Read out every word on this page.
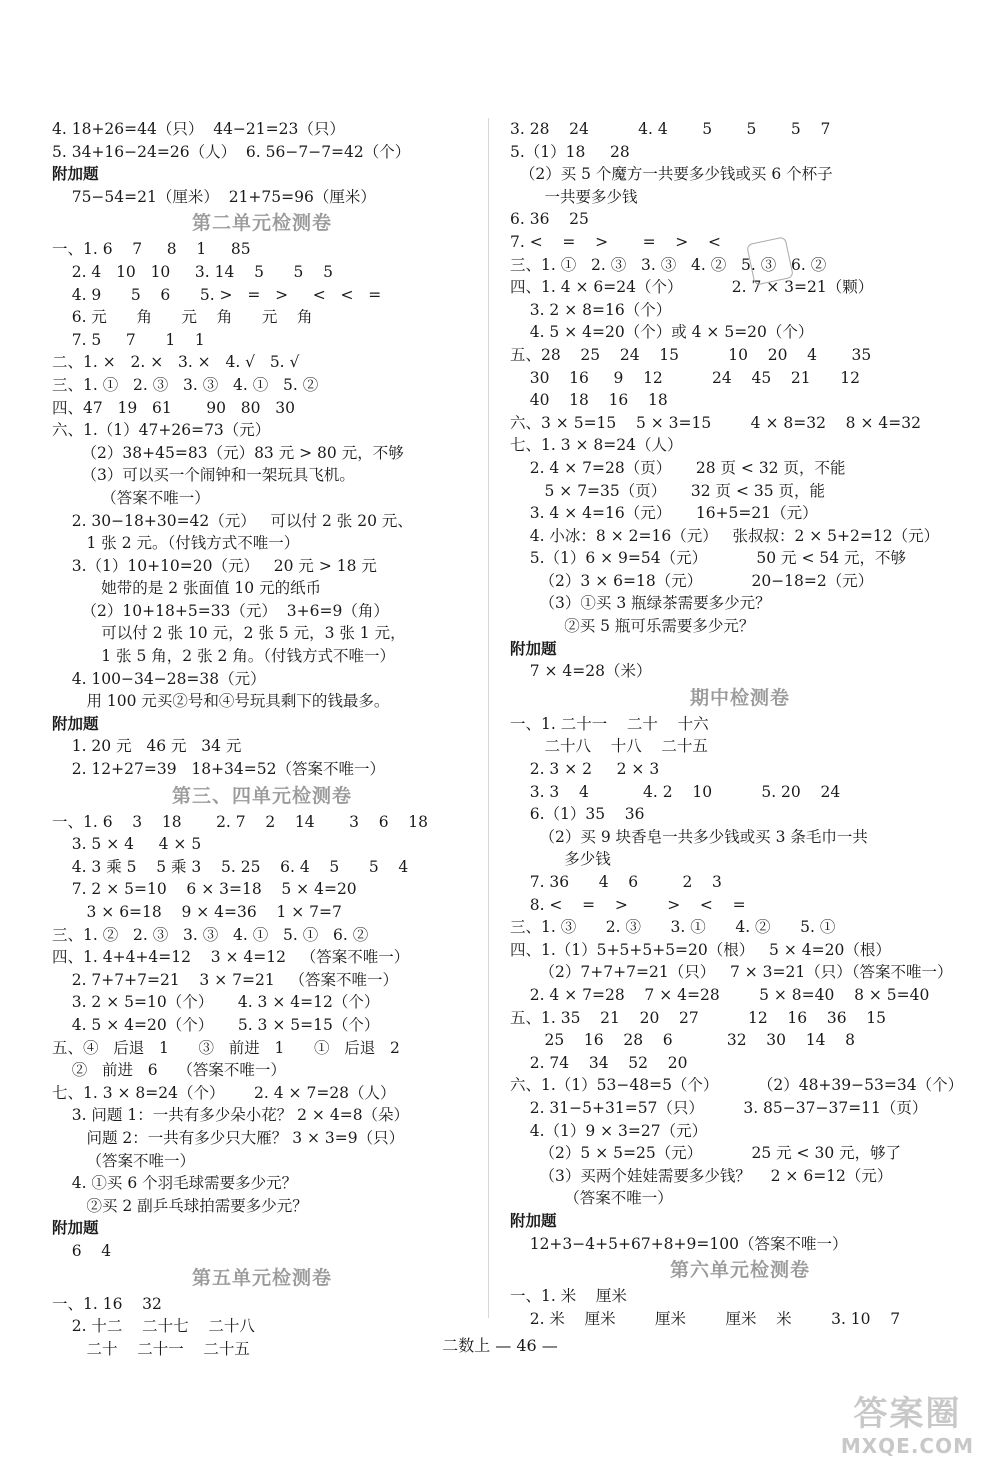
4. 18+26=44（只）  44−21=23（只）
5. 34+16−24=26（人）  6. 56−7−7=42（个）
附加题
75−54=21（厘米）  21+75=96（厘米）
第二单元检测卷
一、1. 6    7     8    1     85
2. 4   10   10     3. 14    5      5    5
4. 9      5    6      5. >   =   >     <   <   =
6. 元      角      元    角      元    角
7. 5     7      1    1
二、1. ×   2. ×   3. ×   4. √   5. √
三、1. ①   2. ③   3. ③   4. ①   5. ②
四、47   19   61       90   80   30
六、1.（1）47+26=73（元）
（2）38+45=83（元）83 元 > 80 元，不够
（3）可以买一个闹钟和一架玩具飞机。
（答案不唯一）
2. 30−18+30=42（元）   可以付 2 张 20 元、
1 张 2 元。（付钱方式不唯一）
3.（1）10+10=20（元）   20 元 > 18 元
她带的是 2 张面值 10 元的纸币
（2）10+18+5=33（元）  3+6=9（角）
可以付 2 张 10 元，2 张 5 元，3 张 1 元，
1 张 5 角，2 张 2 角。（付钱方式不唯一）
4. 100−34−28=38（元）
用 100 元买②号和④号玩具剩下的钱最多。
附加题
1. 20 元   46 元   34 元
2. 12+27=39   18+34=52（答案不唯一）
第三、四单元检测卷
一、1. 6    3    18       2. 7    2    14       3    6    18
3. 5 × 4     4 × 5
4. 3 乘 5    5 乘 3    5. 25    6. 4    5      5    4
7. 2 × 5=10    6 × 3=18    5 × 4=20
3 × 6=18    9 × 4=36    1 × 7=7
三、1. ②   2. ③   3. ③   4. ①   5. ①   6. ②
四、1. 4+4+4=12    3 × 4=12   （答案不唯一）
2. 7+7+7=21    3 × 7=21   （答案不唯一）
3. 2 × 5=10（个）     4. 3 × 4=12（个）
4. 5 × 4=20（个）     5. 3 × 5=15（个）
五、④   后退   1      ③   前进   1      ①   后退   2
②   前进   6    （答案不唯一）
七、1. 3 × 8=24（个）      2. 4 × 7=28（人）
3. 问题 1：一共有多少朵小花？ 2 × 4=8（朵）
问题 2：一共有多少只大雁？ 3 × 3=9（只）
（答案不唯一）
4. ①买 6 个羽毛球需要多少元？
②买 2 副乒乓球拍需要多少元？
附加题
6    4
第五单元检测卷
一、1. 16    32
2. 十二    二十七    二十八
二十    二十一    二十五
3. 28    24          4. 4       5       5       5    7
5.（1）18     28
（2）买 5 个魔方一共要多少钱或买 6 个杯子
一共要多少钱
6. 36    25
7. <    =    >       =    >    <
三、1. ①   2. ③   3. ③   4. ②   5. ③   6. ②
四、1. 4 × 6=24（个）          2. 7 × 3=21（颗）
3. 2 × 8=16（个）
4. 5 × 4=20（个）或 4 × 5=20（个）
五、28    25    24    15          10    20    4       35
30    16     9    12          24    45    21      12
40    18    16    18
六、3 × 5=15    5 × 3=15        4 × 8=32    8 × 4=32
七、1. 3 × 8=24（人）
2. 4 × 7=28（页）     28 页 < 32 页，不能
5 × 7=35（页）     32 页 < 35 页，能
3. 4 × 4=16（元）     16+5=21（元）
4. 小冰：8 × 2=16（元）   张叔叔：2 × 5+2=12（元）
5.（1）6 × 9=54（元）          50 元 < 54 元，不够
（2）3 × 6=18（元）          20−18=2（元）
（3）①买 3 瓶绿茶需要多少元？
②买 5 瓶可乐需要多少元？
附加题
7 × 4=28（米）
期中检测卷
一、1. 二十一    二十    十六
二十八    十八    二十五
2. 3 × 2     2 × 3
3. 3    4           4. 2    10          5. 20    24
6.（1）35    36
（2）买 9 块香皂一共多少钱或买 3 条毛巾一共
多少钱
7. 36      4    6         2    3
8. <    =    >        >    <    =
三、1. ③      2. ③      3. ①      4. ②      5. ①
四、1.（1）5+5+5+5=20（根）   5 × 4=20（根）
（2）7+7+7=21（只）   7 × 3=21（只）（答案不唯一）
2. 4 × 7=28    7 × 4=28        5 × 8=40    8 × 5=40
五、1. 35    21    20    27          12    16    36    15
25    16    28    6           32    30    14    8
2. 74    34    52    20
六、1.（1）53−48=5（个）        （2）48+39−53=34（个）
2. 31−5+31=57（只）        3. 85−37−37=11（页）
4.（1）9 × 3=27（元）
（2）5 × 5=25（元）          25 元 < 30 元，够了
（3）买两个娃娃需要多少钱？    2 × 6=12（元）
（答案不唯一）
附加题
12+3−4+5+67+8+9=100（答案不唯一）
第六单元检测卷
一、1. 米    厘米
2. 米    厘米        厘米        厘米    米        3. 10    7
二数上 — 46 —
答案圈
MXQE.COM
